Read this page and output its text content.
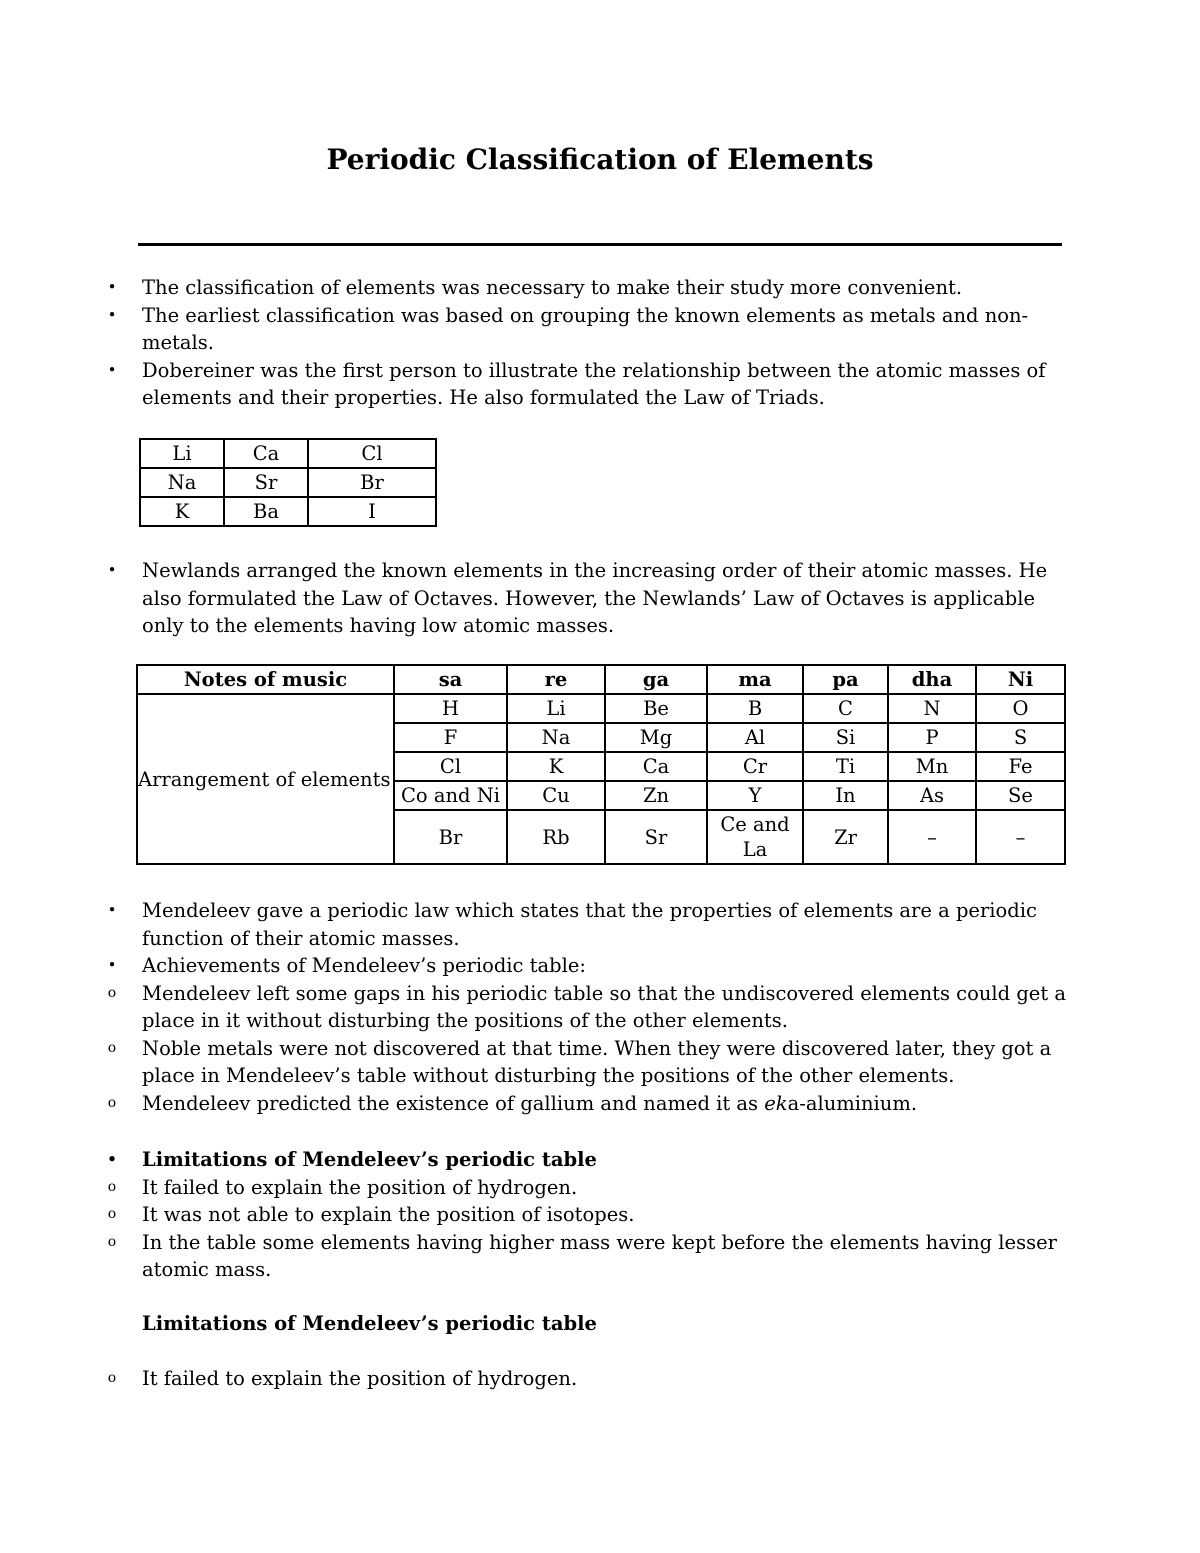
Periodic Classification of Elements

• The classification of elements was necessary to make their study more convenient.

• The earliest classification was based on grouping the known elements as metals and non-metals.

• Dobereiner was the first person to illustrate the relationship between the atomic masses of elements and their properties. He also formulated the Law of Triads.

Li	Ca	Cl
Na	Sr	Br
K	Ba	I

• Newlands arranged the known elements in the increasing order of their atomic masses. He also formulated the Law of Octaves. However, the Newlands’ Law of Octaves is applicable only to the elements having low atomic masses.

Notes of music	sa	re	ga	ma	pa	dha	Ni
Arrangement of elements	H	Li	Be	B	C	N	O
	F	Na	Mg	Al	Si	P	S
	Cl	K	Ca	Cr	Ti	Mn	Fe
	Co and Ni	Cu	Zn	Y	In	As	Se
	Br	Rb	Sr	Ce and La	Zr	–	–

• Mendeleev gave a periodic law which states that the properties of elements are a periodic function of their atomic masses.

• Achievements of Mendeleev’s periodic table:

o Mendeleev left some gaps in his periodic table so that the undiscovered elements could get a place in it without disturbing the positions of the other elements.

o Noble metals were not discovered at that time. When they were discovered later, they got a place in Mendeleev’s table without disturbing the positions of the other elements.

o Mendeleev predicted the existence of gallium and named it as eka-aluminium.

• Limitations of Mendeleev’s periodic table

o It failed to explain the position of hydrogen.

o It was not able to explain the position of isotopes.

o In the table some elements having higher mass were kept before the elements having lesser atomic mass.

Limitations of Mendeleev’s periodic table

o It failed to explain the position of hydrogen.
